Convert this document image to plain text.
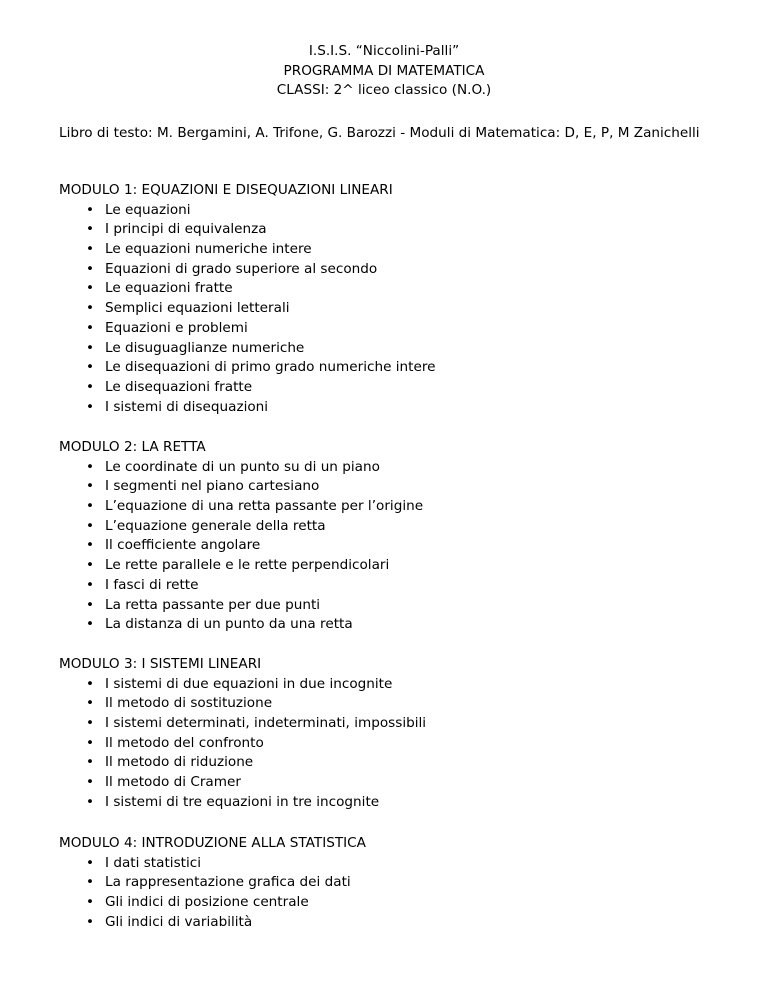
I.S.I.S. “Niccolini-Palli”
PROGRAMMA DI MATEMATICA
CLASSI: 2^ liceo classico (N.O.)
Libro di testo: M. Bergamini, A. Trifone, G. Barozzi - Moduli di Matematica: D, E, P, M Zanichelli
MODULO 1: EQUAZIONI E DISEQUAZIONI LINEARI
• Le equazioni
• I principi di equivalenza
• Le equazioni numeriche intere
• Equazioni di grado superiore al secondo
• Le equazioni fratte
• Semplici equazioni letterali
• Equazioni e problemi
• Le disuguaglianze numeriche
• Le disequazioni di primo grado numeriche intere
• Le disequazioni fratte
• I sistemi di disequazioni
MODULO 2: LA RETTA
• Le coordinate di un punto su di un piano
• I segmenti nel piano cartesiano
• L’equazione di una retta passante per l’origine
• L’equazione generale della retta
• Il coefficiente angolare
• Le rette parallele e le rette perpendicolari
• I fasci di rette
• La retta passante per due punti
• La distanza di un punto da una retta
MODULO 3: I SISTEMI LINEARI
• I sistemi di due equazioni in due incognite
• Il metodo di sostituzione
• I sistemi determinati, indeterminati, impossibili
• Il metodo del confronto
• Il metodo di riduzione
• Il metodo di Cramer
• I sistemi di tre equazioni in tre incognite
MODULO 4: INTRODUZIONE ALLA STATISTICA
• I dati statistici
• La rappresentazione grafica dei dati
• Gli indici di posizione centrale
• Gli indici di variabilità
